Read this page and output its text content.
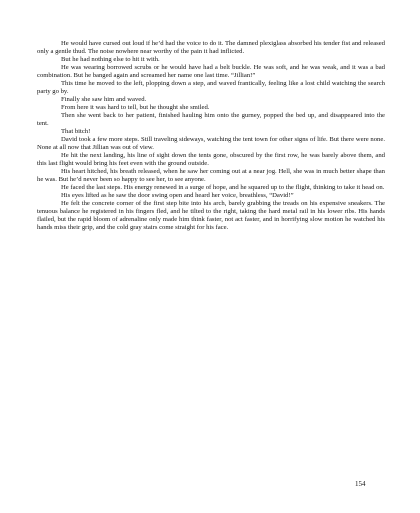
He would have cursed out loud if he’d had the voice to do it. The damned plexiglass absorbed his tender fist and released only a gentle thud. The noise nowhere near worthy of the pain it had inflicted.

But he had nothing else to hit it with.

He was wearing borrowed scrubs or he would have had a belt buckle. He was soft, and he was weak, and it was a bad combination. But he banged again and screamed her name one last time. “Jillian!”

This time he moved to the left, plopping down a step, and waved frantically, feeling like a lost child watching the search party go by.

Finally she saw him and waved.

From here it was hard to tell, but he thought she smiled.

Then she went back to her patient, finished hauling him onto the gurney, popped the bed up, and disappeared into the tent.

That bitch!

David took a few more steps. Still traveling sideways, watching the tent town for other signs of life. But there were none. None at all now that Jillian was out of view.

He hit the next landing, his line of sight down the tents gone, obscured by the first row, he was barely above them, and this last flight would bring his feet even with the ground outside.

His heart hitched, his breath released, when he saw her coming out at a near jog. Hell, she was in much better shape than he was. But he’d never been so happy to see her, to see anyone.

He faced the last steps. His energy renewed in a surge of hope, and he squared up to the flight, thinking to take it head on.

His eyes lifted as he saw the door swing open and heard her voice, breathless, “David!”

He felt the concrete corner of the first step bite into his arch, barely grabbing the treads on his expensive sneakers. The tenuous balance he registered in his fingers fled, and he tilted to the right, taking the hard metal rail in his lower ribs. His hands flailed, but the rapid bloom of adrenaline only made him think faster, not act faster, and in horrifying slow motion he watched his hands miss their grip, and the cold gray stairs come straight for his face.

154
